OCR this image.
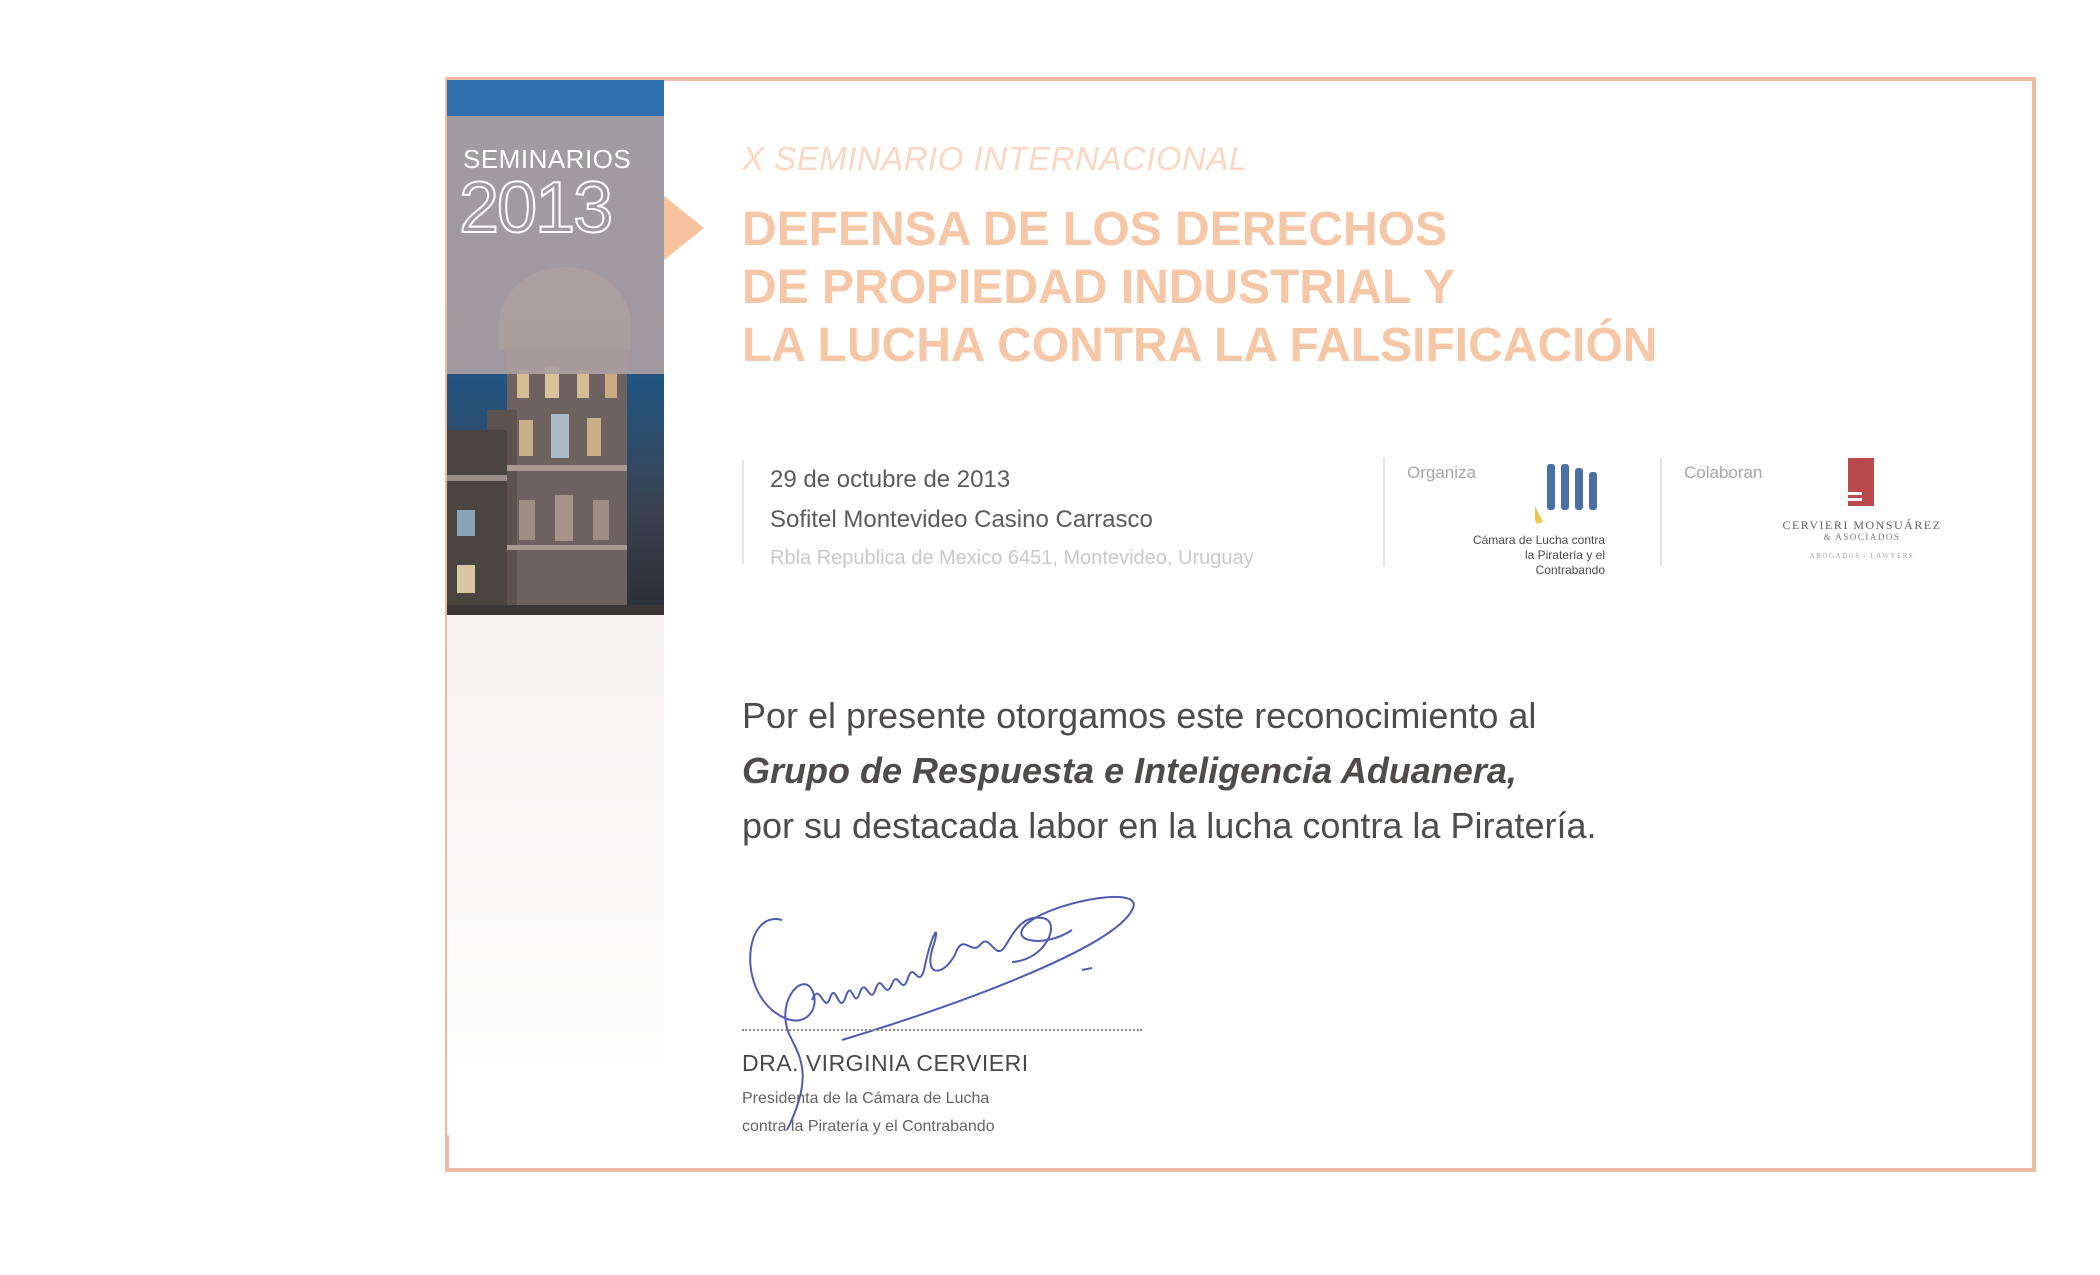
SEMINARIOS
2013
X SEMINARIO INTERNACIONAL
DEFENSA DE LOS DERECHOS
DE PROPIEDAD INDUSTRIAL Y
LA LUCHA CONTRA LA FALSIFICACIÓN
29 de octubre de 2013
Sofitel Montevideo Casino Carrasco
Rbla Republica de Mexico 6451, Montevideo, Uruguay
Organiza
Cámara de Lucha contra
la Piratería y el Contrabando
Colaboran
CERVIERI MONSUÁREZ
& ASOCIADOS
ABOGADOS / LAWYERS
Por el presente otorgamos este reconocimiento al
Grupo de Respuesta e Inteligencia Aduanera,
por su destacada labor en la lucha contra la Piratería.
DRA. VIRGINIA CERVIERI
Presidenta de la Cámara de Lucha
contra la Piratería y el Contrabando
